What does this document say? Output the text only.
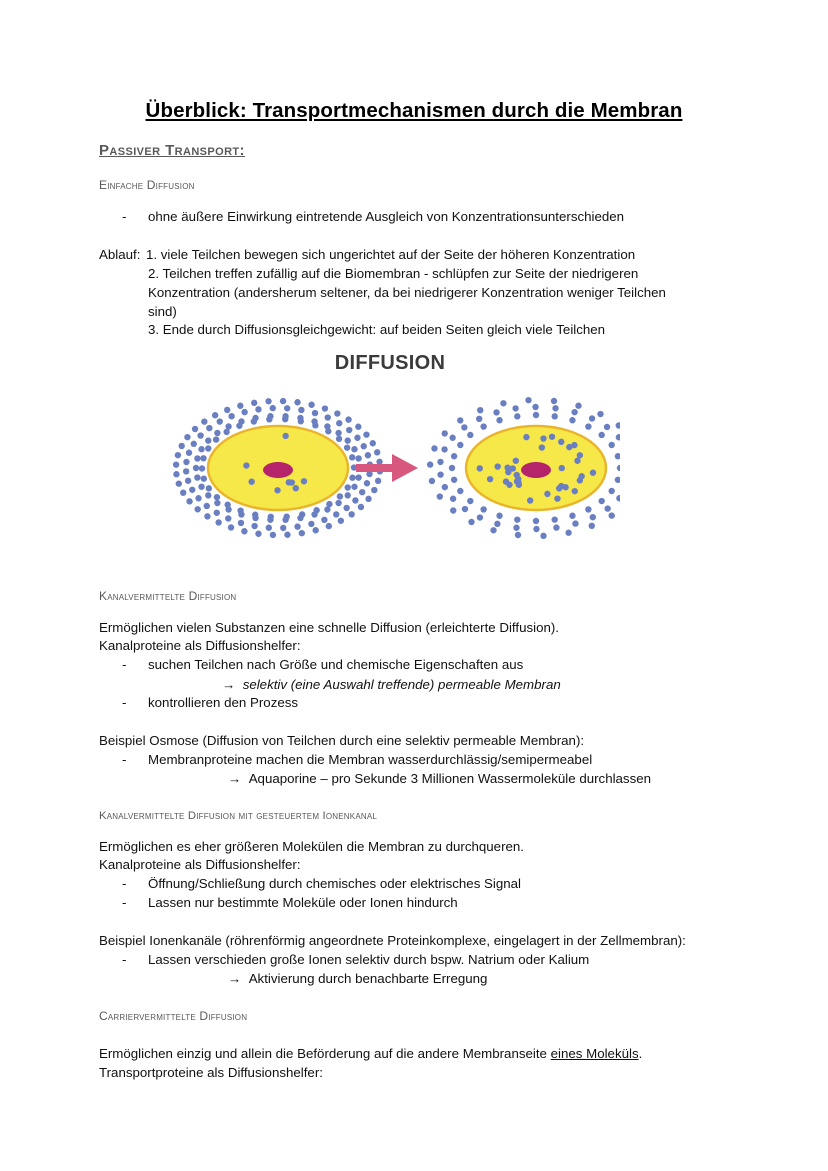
Überblick: Transportmechanismen durch die Membran
Passiver Transport:
Einfache Diffusion
- ohne äußere Einwirkung eintretende Ausgleich von Konzentrationsunterschieden
Ablauf: 1. viele Teilchen bewegen sich ungerichtet auf der Seite der höheren Konzentration
2. Teilchen treffen zufällig auf die Biomembran - schlüpfen zur Seite der niedrigeren
Konzentration (andersherum seltener, da bei niedrigerer Konzentration weniger Teilchen
sind)
3. Ende durch Diffusionsgleichgewicht: auf beiden Seiten gleich viele Teilchen
DIFFUSION
Kanalvermittelte Diffusion
Ermöglichen vielen Substanzen eine schnelle Diffusion (erleichterte Diffusion).
Kanalproteine als Diffusionshelfer:
- suchen Teilchen nach Größe und chemische Eigenschaften aus
→ selektiv (eine Auswahl treffende) permeable Membran
- kontrollieren den Prozess
Beispiel Osmose (Diffusion von Teilchen durch eine selektiv permeable Membran):
- Membranproteine machen die Membran wasserdurchlässig/semipermeabel
→ Aquaporine – pro Sekunde 3 Millionen Wassermoleküle durchlassen
Kanalvermittelte Diffusion mit gesteuertem Ionenkanal
Ermöglichen es eher größeren Molekülen die Membran zu durchqueren.
Kanalproteine als Diffusionshelfer:
- Öffnung/Schließung durch chemisches oder elektrisches Signal
- Lassen nur bestimmte Moleküle oder Ionen hindurch
Beispiel Ionenkanäle (röhrenförmig angeordnete Proteinkomplexe, eingelagert in der Zellmembran):
- Lassen verschieden große Ionen selektiv durch bspw. Natrium oder Kalium
→ Aktivierung durch benachbarte Erregung
Carriervermittelte Diffusion
Ermöglichen einzig und allein die Beförderung auf die andere Membranseite eines Moleküls.
Transportproteine als Diffusionshelfer:
